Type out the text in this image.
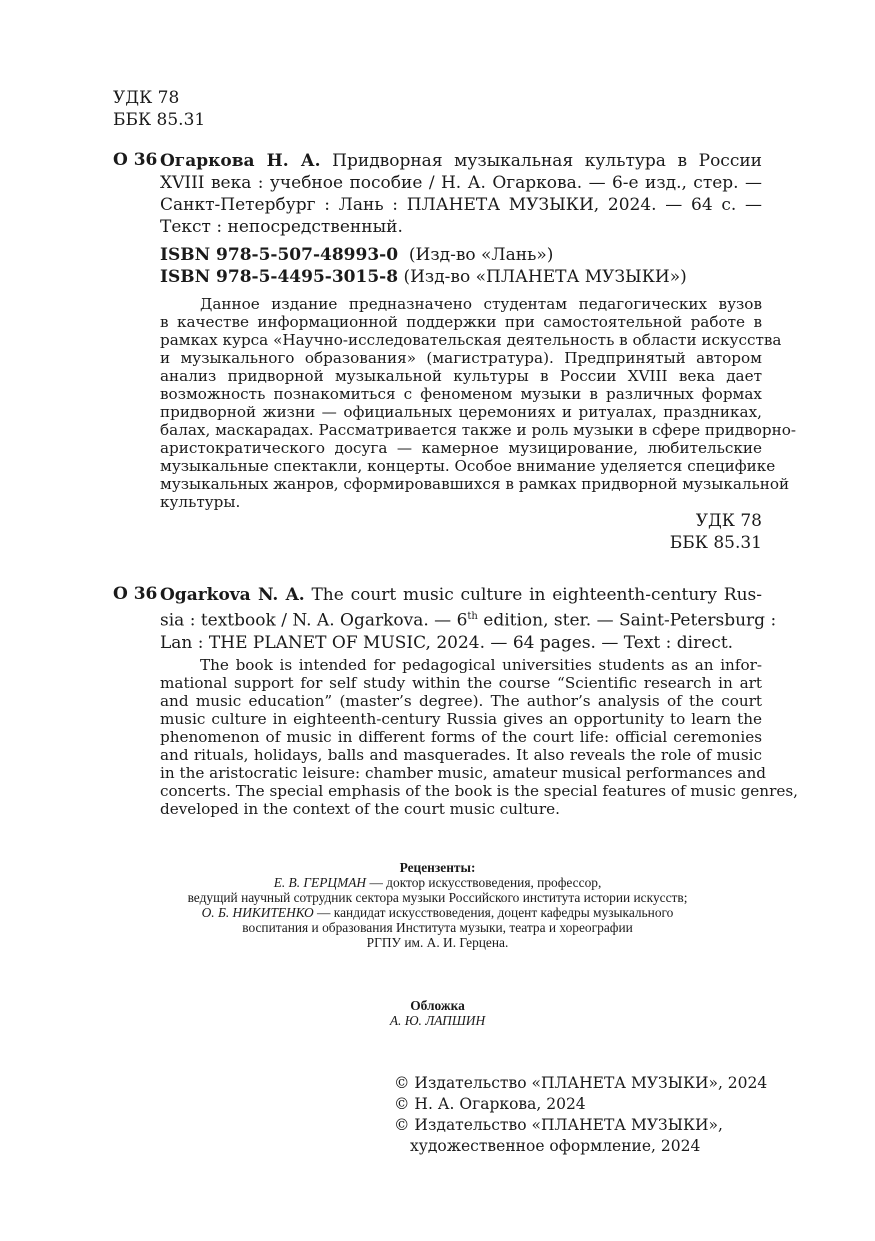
УДК 78
ББК 85.31
О 36 Огаркова Н. А. Придворная музыкальная культура в России
XVIII века : учебное пособие / Н. А. Огаркова. — 6-е изд., стер. —
Санкт-Петербург : Лань : ПЛАНЕТА МУЗЫКИ, 2024. — 64 с. —
Текст : непосредственный.
ISBN 978-5-507-48993-0 (Изд-во «Лань»)
ISBN 978-5-4495-3015-8 (Изд-во «ПЛАНЕТА МУЗЫКИ»)
Данное издание предназначено студентам педагогических вузов
в качестве информационной поддержки при самостоятельной работе в
рамках курса «Научно-исследовательская деятельность в области искусства
и музыкального образования» (магистратура). Предпринятый автором
анализ придворной музыкальной культуры в России XVIII века дает
возможность познакомиться с феноменом музыки в различных формах
придворной жизни — официальных церемониях и ритуалах, праздниках,
балах, маскарадах. Рассматривается также и роль музыки в сфере придворно-
аристократического досуга — камерное музицирование, любительские
музыкальные спектакли, концерты. Особое внимание уделяется специфике
музыкальных жанров, сформировавшихся в рамках придворной музыкальной
культуры.
УДК 78
ББК 85.31
О 36 Ogarkova N. A. The court music culture in eighteenth-century Rus-
sia : textbook / N. A. Ogarkova. — 6th edition, ster. — Saint-Petersburg :
Lan : THE PLANET OF MUSIC, 2024. — 64 pages. — Text : direct.
The book is intended for pedagogical universities students as an infor-
mational support for self study within the course “Scientific research in art
and music education” (master’s degree). The author’s analysis of the court
music culture in eighteenth-century Russia gives an opportunity to learn the
phenomenon of music in different forms of the court life: official ceremonies
and rituals, holidays, balls and masquerades. It also reveals the role of music
in the aristocratic leisure: chamber music, amateur musical performances and
concerts. The special emphasis of the book is the special features of music genres,
developed in the context of the court music culture.
Рецензенты:
Е. В. ГЕРЦМАН — доктор искусствоведения, профессор,
ведущий научный сотрудник сектора музыки Российского института истории искусств;
О. Б. НИКИТЕНКО — кандидат искусствоведения, доцент кафедры музыкального
воспитания и образования Института музыки, театра и хореографии
РГПУ им. А. И. Герцена.
Обложка
А. Ю. ЛАПШИН
© Издательство «ПЛАНЕТА МУЗЫКИ», 2024
© Н. А. Огаркова, 2024
© Издательство «ПЛАНЕТА МУЗЫКИ»,
художественное оформление, 2024
